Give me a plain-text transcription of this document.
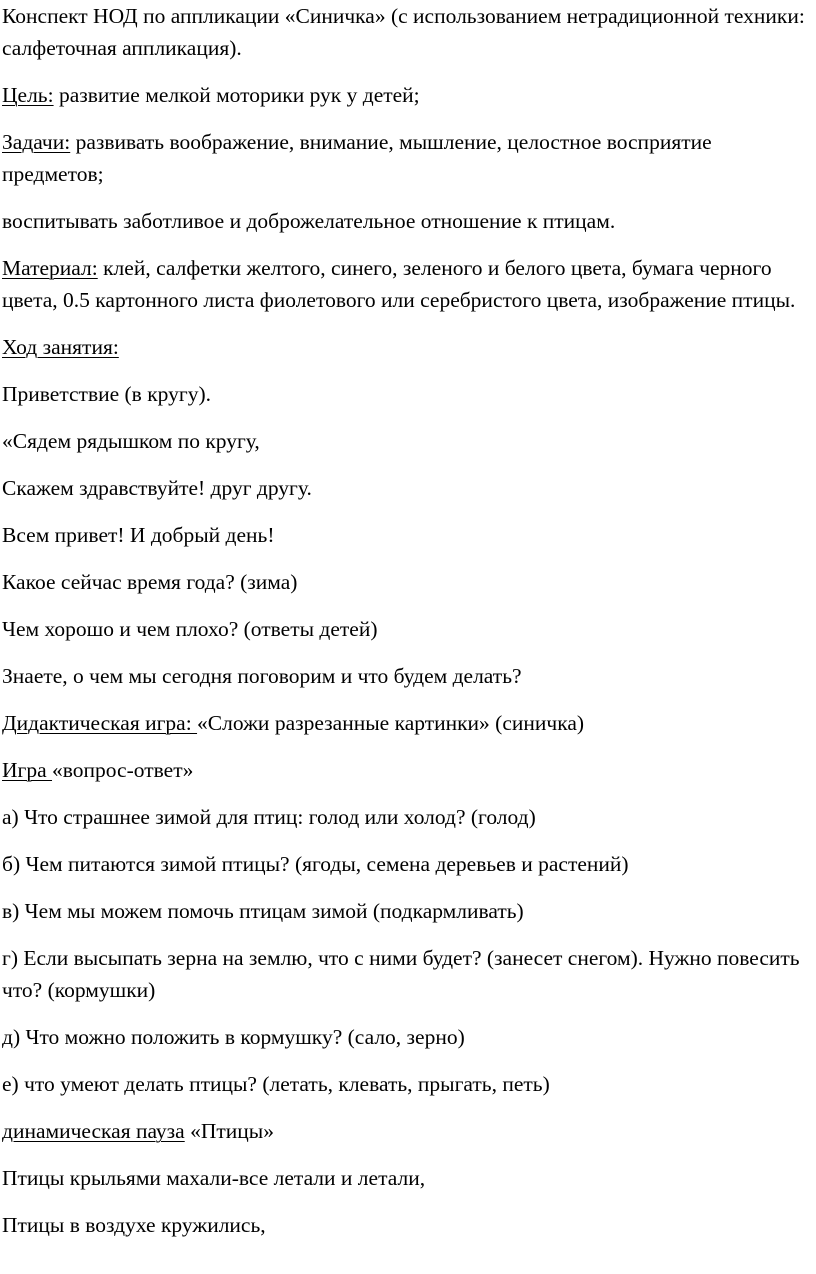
Конспект НОД по аппликации «Синичка» (с использованием нетрадиционной техники: салфеточная аппликация).

Цель: развитие мелкой моторики рук у детей;

Задачи: развивать воображение, внимание, мышление, целостное восприятие предметов;

воспитывать заботливое и доброжелательное отношение к птицам.

Материал: клей, салфетки желтого, синего, зеленого и белого цвета, бумага черного цвета, 0.5 картонного листа фиолетового или серебристого цвета, изображение птицы.

Ход занятия:

Приветствие (в кругу).

«Сядем рядышком по кругу,

Скажем здравствуйте! друг другу.

Всем привет! И добрый день!

Какое сейчас время года? (зима)

Чем хорошо и чем плохо? (ответы детей)

Знаете, о чем мы сегодня поговорим и что будем делать?

Дидактическая игра: «Сложи разрезанные картинки» (синичка)

Игра «вопрос-ответ»

а) Что страшнее зимой для птиц: голод или холод? (голод)

б) Чем питаются зимой птицы? (ягоды, семена деревьев и растений)

в) Чем мы можем помочь птицам зимой (подкармливать)

г) Если высыпать зерна на землю, что с ними будет? (занесет снегом). Нужно повесить что? (кормушки)

д) Что можно положить в кормушку? (сало, зерно)

е) что умеют делать птицы? (летать, клевать, прыгать, петь)

динамическая пауза «Птицы»

Птицы крыльями махали-все летали и летали,

Птицы в воздухе кружились,
